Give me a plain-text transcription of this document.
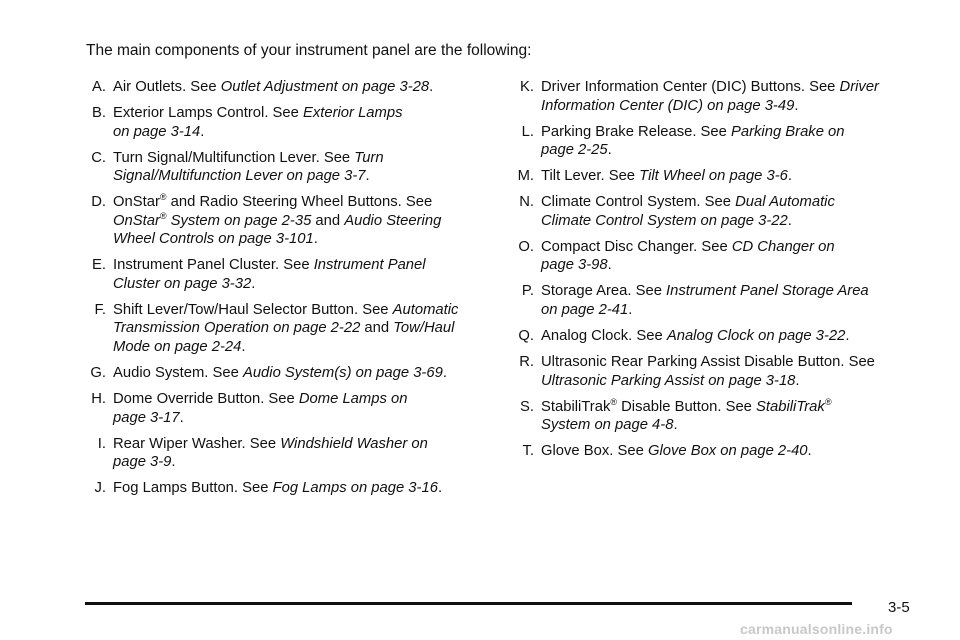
The main components of your instrument panel are the following:
A. Air Outlets. See Outlet Adjustment on page 3-28.
B. Exterior Lamps Control. See Exterior Lamps
on page 3-14.
C. Turn Signal/Multifunction Lever. See Turn
Signal/Multifunction Lever on page 3-7.
D. OnStar® and Radio Steering Wheel Buttons. See
OnStar® System on page 2-35 and Audio Steering
Wheel Controls on page 3-101.
E. Instrument Panel Cluster. See Instrument Panel
Cluster on page 3-32.
F. Shift Lever/Tow/Haul Selector Button. See Automatic
Transmission Operation on page 2-22 and Tow/Haul
Mode on page 2-24.
G. Audio System. See Audio System(s) on page 3-69.
H. Dome Override Button. See Dome Lamps on
page 3-17.
I. Rear Wiper Washer. See Windshield Washer on
page 3-9.
J. Fog Lamps Button. See Fog Lamps on page 3-16.
K. Driver Information Center (DIC) Buttons. See Driver
Information Center (DIC) on page 3-49.
L. Parking Brake Release. See Parking Brake on
page 2-25.
M. Tilt Lever. See Tilt Wheel on page 3-6.
N. Climate Control System. See Dual Automatic
Climate Control System on page 3-22.
O. Compact Disc Changer. See CD Changer on
page 3-98.
P. Storage Area. See Instrument Panel Storage Area
on page 2-41.
Q. Analog Clock. See Analog Clock on page 3-22.
R. Ultrasonic Rear Parking Assist Disable Button. See
Ultrasonic Parking Assist on page 3-18.
S. StabiliTrak® Disable Button. See StabiliTrak®
System on page 4-8.
T. Glove Box. See Glove Box on page 2-40.
3-5
carmanualsonline.info
